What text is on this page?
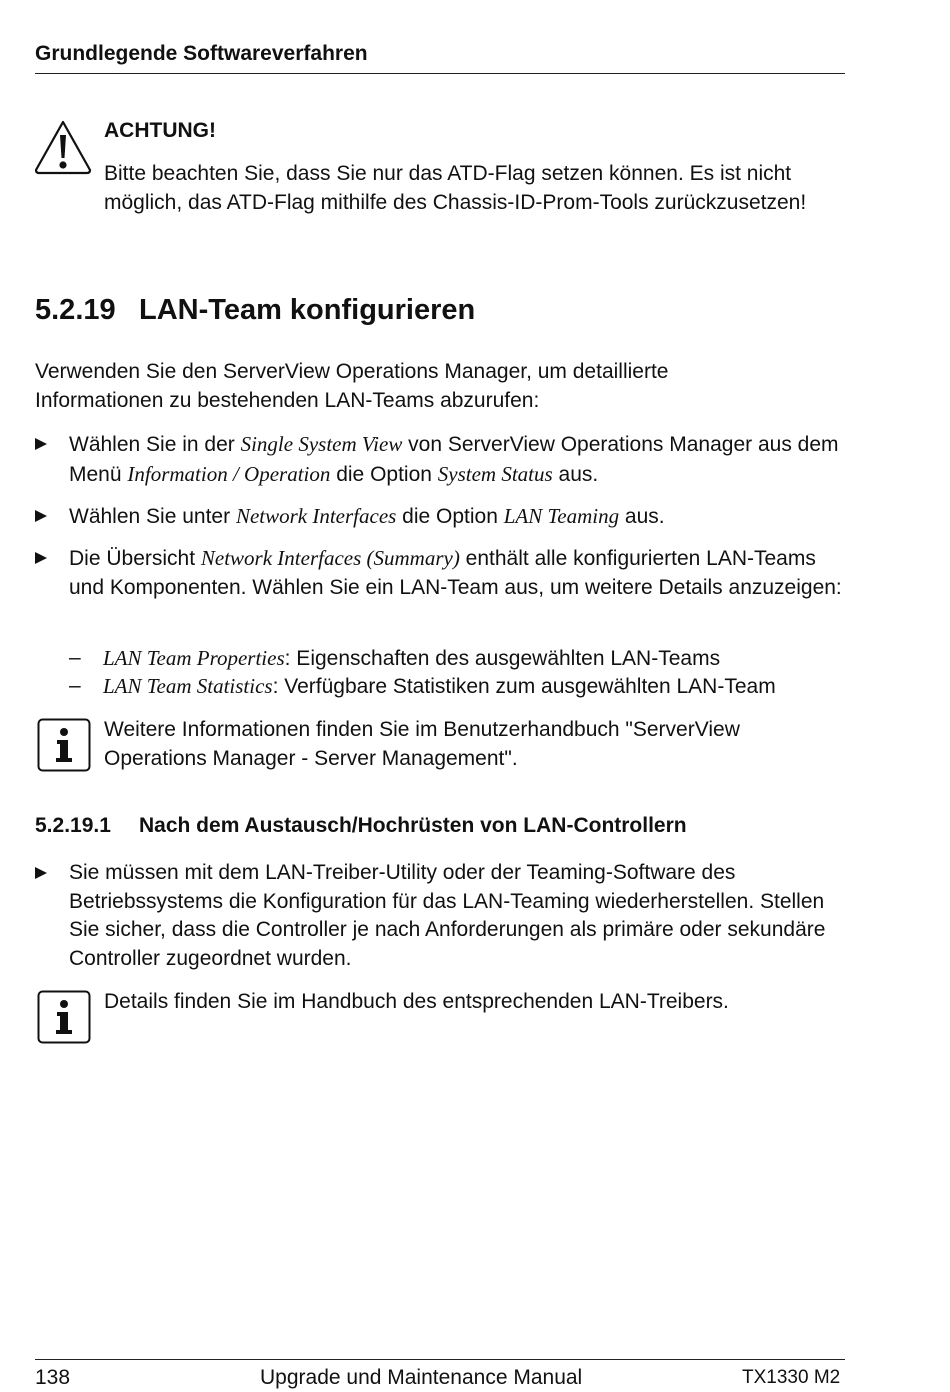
Grundlegende Softwareverfahren
ACHTUNG!

Bitte beachten Sie, dass Sie nur das ATD-Flag setzen können. Es ist nicht möglich, das ATD-Flag mithilfe des Chassis-ID-Prom-Tools zurückzusetzen!

5.2.19 LAN-Team konfigurieren

Verwenden Sie den ServerView Operations Manager, um detaillierte Informationen zu bestehenden LAN-Teams abzurufen:

Wählen Sie in der Single System View von ServerView Operations Manager aus dem Menü Information / Operation die Option System Status aus.
Wählen Sie unter Network Interfaces die Option LAN Teaming aus.
Die Übersicht Network Interfaces (Summary) enthält alle konfigurierten LAN-Teams und Komponenten. Wählen Sie ein LAN-Team aus, um weitere Details anzuzeigen:
– LAN Team Properties: Eigenschaften des ausgewählten LAN-Teams
– LAN Team Statistics: Verfügbare Statistiken zum ausgewählten LAN-Team

Weitere Informationen finden Sie im Benutzerhandbuch "ServerView Operations Manager - Server Management".

5.2.19.1 Nach dem Austausch/Hochrüsten von LAN-Controllern
Sie müssen mit dem LAN-Treiber-Utility oder der Teaming-Software des Betriebssystems die Konfiguration für das LAN-Teaming wiederherstellen. Stellen Sie sicher, dass die Controller je nach Anforderungen als primäre oder sekundäre Controller zugeordnet wurden.

Details finden Sie im Handbuch des entsprechenden LAN-Treibers.

138	Upgrade und Maintenance Manual	TX1330 M2
